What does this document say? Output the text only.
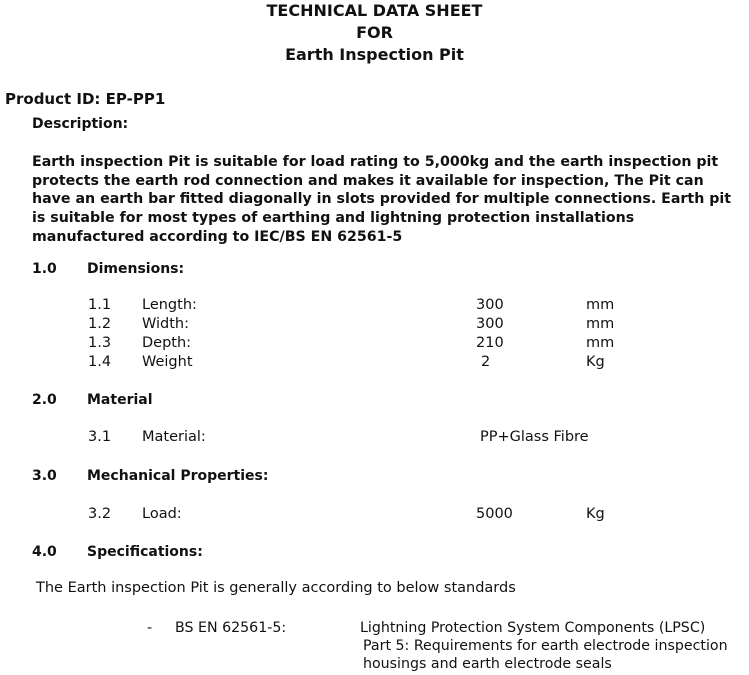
TECHNICAL DATA SHEET
FOR
Earth Inspection Pit
Product ID: EP-PP1
Description:
Earth inspection Pit is suitable for load rating to 5,000kg and the earth inspection pit protects the earth rod connection and makes it available for inspection, The Pit can have an earth bar fitted diagonally in slots provided for multiple connections. Earth pit is suitable for most types of earthing and lightning protection installations manufactured according to IEC/BS EN 62561-5
1.0 Dimensions:
1.1 Length:	300	mm
1.2 Width:	300	mm
1.3 Depth:	210	mm
1.4 Weight	2	Kg
2.0 Material
3.1 Material:	PP+Glass Fibre
3.0 Mechanical Properties:
3.2 Load:	5000	Kg
4.0 Specifications:
The Earth inspection Pit is generally according to below standards
- BS EN 62561-5:	Lightning Protection System Components (LPSC)
Part 5: Requirements for earth electrode inspection
housings and earth electrode seals
